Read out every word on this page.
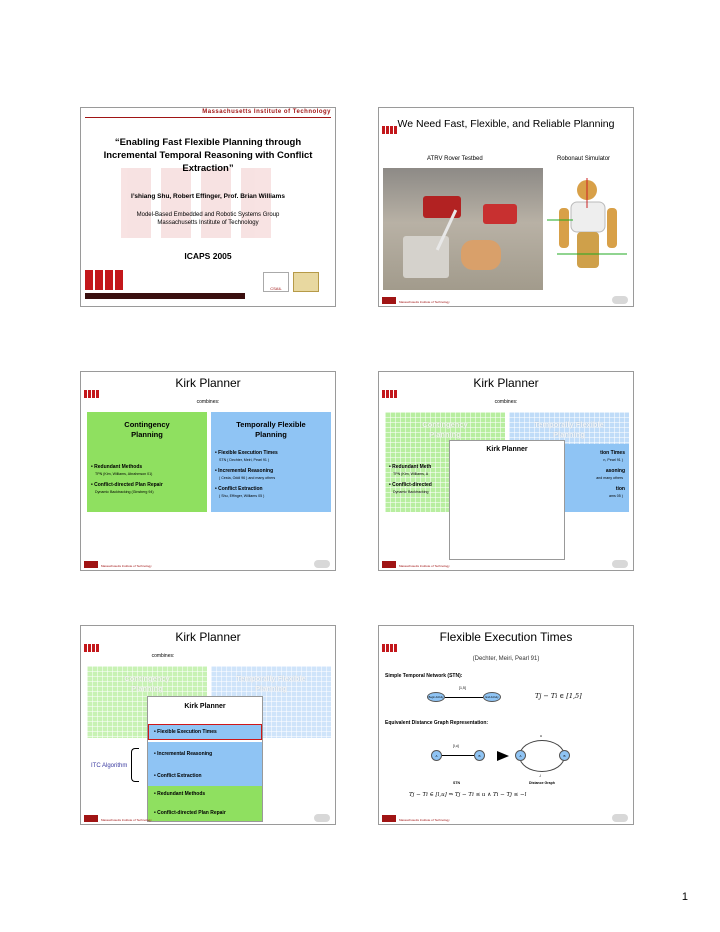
Massachusetts Institute of Technology
“Enabling Fast Flexible Planning through Incremental Temporal Reasoning with Conflict Extraction”
I’shiang Shu, Robert Effinger, Prof. Brian Williams
Model-Based Embedded and Robotic Systems Group
Massachusetts Institute of Technology
ICAPS 2005
CSAIL
We Need Fast, Flexible, and Reliable Planning
ATRV Rover Testbed	Robonaut Simulator
Massachusetts Institute of Technology
Kirk Planner
combines:
Contingency Planning
• Redundant Methods
TPN (Kim, Williams, Abrahmson 01)
• Conflict-directed Plan Repair
Dynamic Backtracking (Ginsberg 94)
Temporally Flexible Planning
• Flexible Execution Times
STN ( Dechter, Meiri, Pearl 91 )
• Incremental Reasoning
( Cesta, Oddi 96 ) and many others
• Conflict Extraction
( Shu, Effinger, Williams 05 )
Massachusetts Institute of Technology
Kirk Planner
combines:
Contingency Planning
• Redundant Meth
TPN (Kim, Williams, A
• Conflict-directed
Dynamic Backtracking
Temporally Flexible Planning
tion Times
n, Pearl 91 )
asoning
and many others
tion
ams 05 )
Kirk Planner
Massachusetts Institute of Technology
Kirk Planner
combines:
Contingency Planning
Temporally Flexible Planning
Kirk Planner
• Flexible Execution Times
• Incremental Reasoning
• Conflict Extraction
• Redundant Methods
• Conflict-directed Plan Repair
ITC Algorithm
Massachusetts Institute of Technology
Flexible Execution Times
(Dechter, Meiri, Pearl 91)
Simple Temporal Network (STN):
Begin Activity
[1,5]
End Activity	Tj − Ti ∈ [1,5]
Equivalent Distance Graph Representation:
A
[l,u]
B	A	B
u
-l
STN	Distance Graph
Tj − Ti ∈ [l,u] ⇒ Tj − Ti ≤ u ∧ Ti − Tj ≤ −l
Massachusetts Institute of Technology
1
